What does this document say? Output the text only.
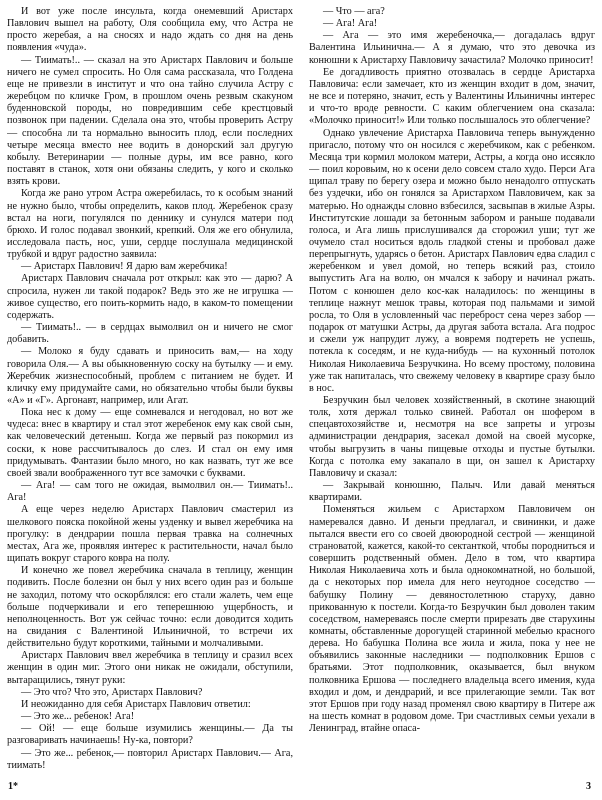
И вот уже после инсульта, когда онемевший Аристарх Павлович вышел на работу, Оля сообщила ему, что Астра не просто жеребая, а на сносях и надо ждать со дня на день появления «чуда».

— Тиимать!.. — сказал на это Аристарх Павлович и больше ничего не сумел спросить. Но Оля сама рассказала, что Голдена еще не привезли в институт и что она тайно случила Астру с жеребцом по кличке Гром, в прошлом очень резвым скакуном буденновской породы, но повредившим себе крестцовый позвонок при падении. Сделала она это, чтобы проверить Астру — способна ли та нормально выносить плод, если последних четыре месяца вместо нее водить в донорский зал другую кобылу. Ветеринарии — полные дуры, им все равно, кого поставят в станок, хотя они обязаны следить, у кого и сколько взять крови.

Когда же рано утром Астра ожеребилась, то к особым знаний не нужно было, чтобы определить, каков плод. Жеребенок сразу встал на ноги, погулялся по деннику и сунулся матери под брюхо. И голос подавал звонкий, крепкий. Оля же его обнулила, исследовала пасть, нос, уши, сердце послушала медицинской трубкой и вдруг радостно заявила:

— Аристарх Павлович! Я дарю вам жеребчика!

Аристарх Павлович сначала рот открыл: как это — дарю? А спросила, нужен ли такой подарок? Ведь это же не игрушка — живое существо, его поить-кормить надо, в каком-то помещении содержать.

— Тиимать!.. — в сердцах вымолвил он и ничего не смог добавить.

— Молоко я буду сдавать и приносить вам,— на ходу говорила Оля.— А вы обыкновенную соску на бутылку — и ему. Жеребчик жизнеспособный, проблем с питанием не будет. И кличку ему придумайте сами, но обязательно чтобы были буквы «А» и «Г». Аргонавт, например, или Агат.

Пока нес к дому — еще сомневался и негодовал, но вот же чудеса: внес в квартиру и стал этот жеребенок ему как свой сын, как человеческий детеныш. Когда же первый раз покормил из соски, к нове рассчитывалось до слез. И стал он ему имя придумывать. Фантазии было много, но как назвать, тут же все своей звали воображенного тут все замочки с буквами.

— Ага! — сам того не ожидая, вымолвил он.— Тиимать!.. Ага!

А еще через неделю Аристарх Павлович смастерил из шелкового пояска покойной жены узденку и вывел жеребчика на прогулку: в дендрарии пошла первая травка на солнечных местах, Ага же, проявляя интерес к растительности, начал было щипать вокруг старого ковра на полу.

И конечно же повел жеребчика сначала в теплицу, женщин подивить. После болезни он был у них всего один раз и больше не заходил, потому что оскорблялся: его стали жалеть, чем еще больше подчеркивали и его теперешнюю ущербность, и неполноценность. Вот уж сейчас точно: если доводится ходить на свидания с Валентиной Ильиничной, то встречи их действительно будут короткими, тайными и молчаливыми.

Аристарх Павлович ввел жеребчика в теплицу и сразил всех женщин в один миг. Этого они никак не ожидали, обступили, вытаращились, тянут руки:

— Это что? Что это, Аристарх Павлович?

И неожиданно для себя Аристарх Павлович ответил:

— Это же... ребенок! Ага!

— Ой! — еще больше изумились женщины.— Да ты разговаривать начинаешь! Ну-ка, повтори?

— Это же... ребенок,— повторил Аристарх Павлович.— Ага, тиимать!

— Что — ага?

— Ага! Ага!

— Ага — это имя жеребеночка,— догадалась вдруг Валентина Ильинична.— А я думаю, что это девочка из конюшни к Аристарху Павловичу зачастила? Молочко приносит!

Ее догадливость приятно отозвалась в сердце Аристарха Павловича: если замечает, кто из женщин входит в дом, значит, не все и потеряно, значит, есть у Валентины Ильиничны интерес и что-то вроде ревности. С каким облегчением она сказала: «Молочко приносит!» Или только послышалось это облегчение?

Однако увлечение Аристарха Павловича теперь вынужденно пригасло, потому что он носился с жеребчиком, как с ребенком. Месяца три кормил молоком матери, Астры, а когда оно иссякло — поил коровьим, но к осени дело совсем стало худо. Перси Ага щипал траву по берегу озера и можно было ненадолго отпускать без уздечки, ибо он гонялся за Аристархом Павловичем, как за матерью. Но однажды словно взбесился, засвыпав в жилые Азры. Институтские лошади за бетонным забором и раньше подавали голоса, и Ага лишь прислушивался да сторожил уши; тут же очумело стал носиться вдоль гладкой стены и пробовал даже перепрыгнуть, ударясь о бетон. Аристарх Павлович едва сладил с жеребенком и увел домой, но теперь всякий раз, стоило выпустить Ага на волю, он мчался к забору и начинал ржать. Потом с конюшен дело кос-как наладилось: по женщины в теплице нажнут мешок травы, которая под пальмами и зимой росла, то Оля в условленный час переброст сена через забор — подарок от матушки Астры, да другая забота встала. Ага подрос и сжели уж напрудит лужу, а вовремя подтереть не успешь, потекла к соседям, и не куда-нибудь — на кухонный потолок Николая Николаевича Безручкина. Но всему простому, половина уже так напиталась, что свежему человеку в квартире сразу было в нос.

Безручкин был человек хозяйственный, в скотине знающий толк, хотя держал только свиней. Работал он шофером в спецавтохозяйстве и, несмотря на все запреты и угрозы администрации дендрария, засекал домой на своей мусорке, чтобы выгрузить в чаны пищевые отходы и пустые бутылки. Когда с потолка ему закапало в щи, он зашел к Аристарху Павловичу и сказал:

— Закрывай конюшню, Палыч. Или давай меняться квартирами.

Поменяться жильем с Аристархом Павловичем он намеревался давно. И деньги предлагал, и свининки, и даже пытался ввести его со своей двоюродной сестрой — женщиной страноватой, кажется, какой-то сектанткой, чтобы породниться и совершить родственный обмен. Дело в том, что квартира Николая Николаевича хоть и была однокомнатной, но большой, да с некоторых пор имела для него неугодное соседство — бабушку Полину — девяностолетнюю старуху, давно прикованную к постели. Когда-то Безручкин был доволен таким соседством, намереваясь после смерти прирезать две старухины комнаты, обставленные дорогущей старинной мебелью красного дерева. Но бабушка Полина все жила и жила, пока у нее не объявились законные наследники — подполковник Ершов с братьями. Этот подполковник, оказывается, был внуком полковника Ершова — последнего владельца всего имения, куда входил и дом, и дендрарий, и все прилегающие земли. Так вот этот Ершов при году назад променял свою квартиру в Питере аж на шесть комнат в родовом доме. Три счастливых семьи уехали в Ленинград, втайне опаса-

1*	3
